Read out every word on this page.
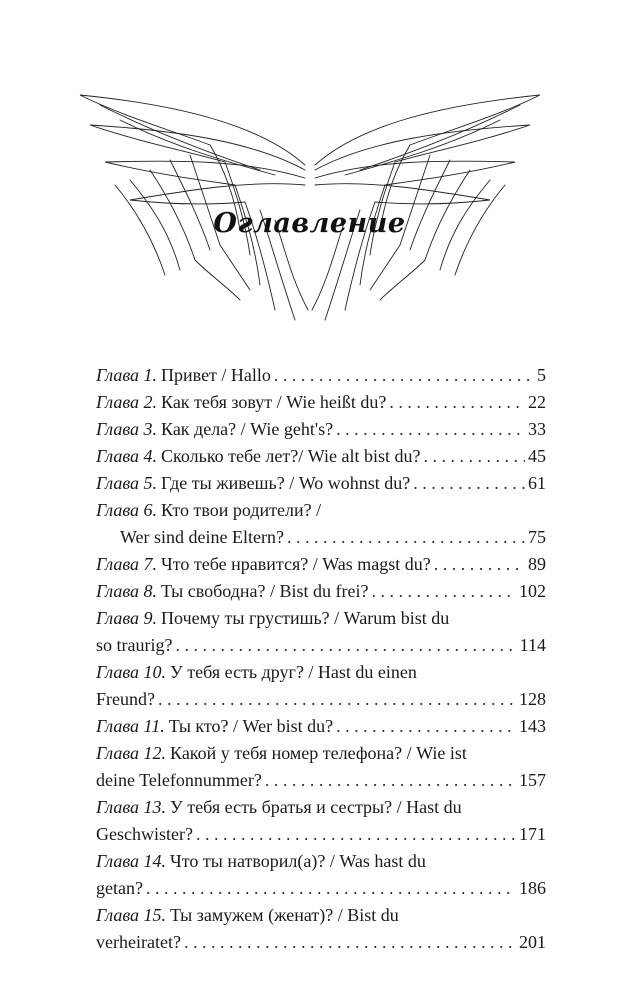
Оглавление
Глава 1. Привет / Hallo . . .	5
Глава 2. Как тебя зовут / Wie heißt du? . . .	22
Глава 3. Как дела? / Wie geht's? . . .	33
Глава 4. Сколько тебе лет?/ Wie alt bist du? . . .	45
Глава 5. Где ты живешь? / Wo wohnst du? . . .	61
Глава 6. Кто твои родители? /
Wer sind deine Eltern? . . .	75
Глава 7. Что тебе нравится? / Was magst du? . . .	89
Глава 8. Ты свободна? / Bist du frei? . . .	102
Глава 9. Почему ты грустишь? / Warum bist du
so traurig? . . .	114
Глава 10. У тебя есть друг? / Hast du einen
Freund? . . .	128
Глава 11. Ты кто? / Wer bist du? . . .	143
Глава 12. Какой у тебя номер телефона? / Wie ist
deine Telefonnummer? . . .	157
Глава 13. У тебя есть братья и сестры? / Hast du
Geschwister? . . .	171
Глава 14. Что ты натворил(а)? / Was hast du
getan? . . .	186
Глава 15. Ты замужем (женат)? / Bist du
verheiratet? . . .	201
